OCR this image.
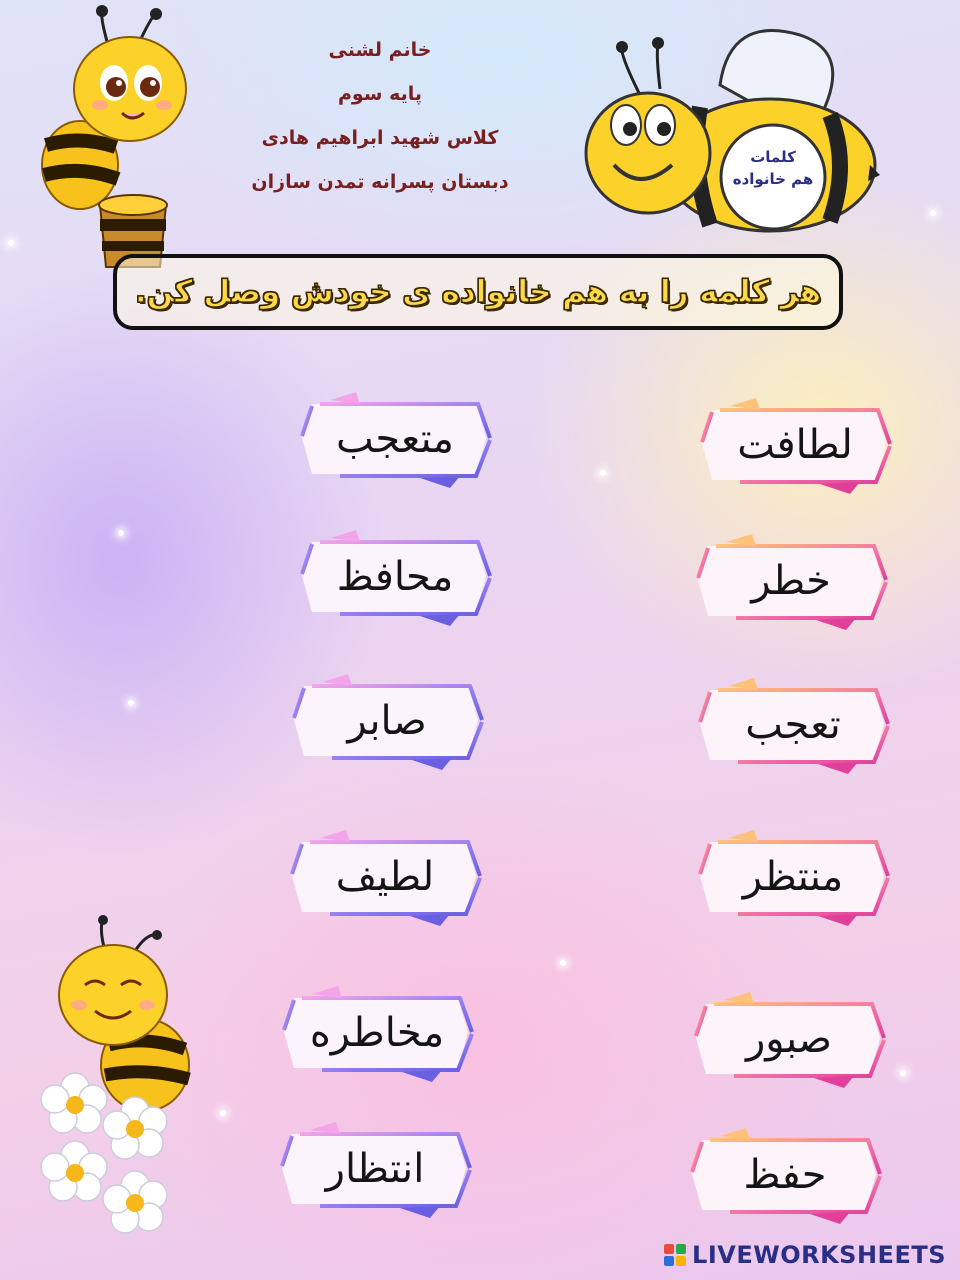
خانم لشنی
پایه سوم
کلاس شهید ابراهیم هادی
دبستان پسرانه تمدن سازان
کلمات
هم خانواده
هر کلمه را به هم خانواده ی خودش وصل کن.
متعجب
محافظ
صابر
لطیف
مخاطره
انتظار
لطافت
خطر
تعجب
منتظر
صبور
حفظ
LIVEWORKSHEETS
